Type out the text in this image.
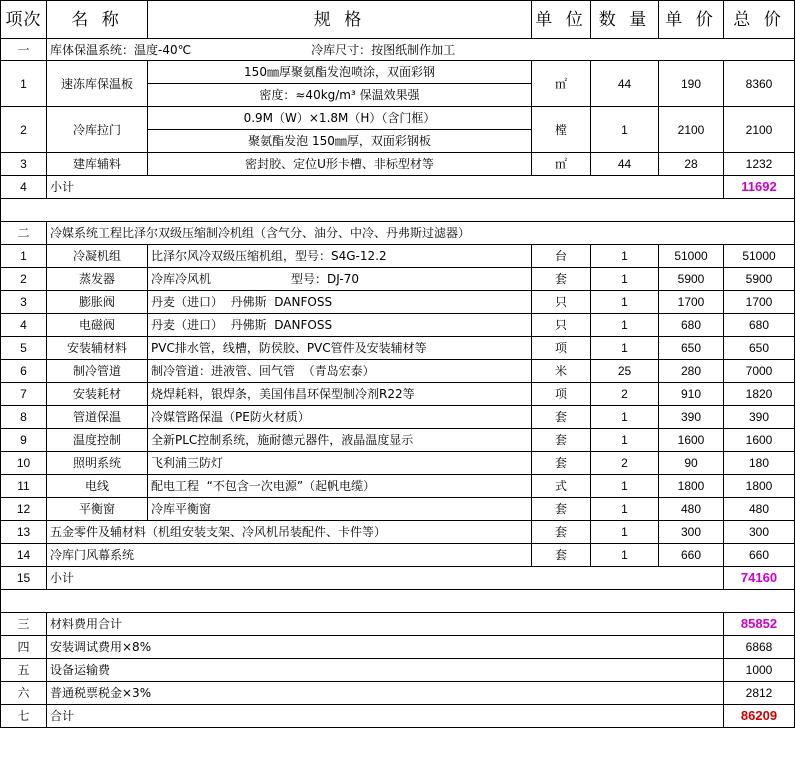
项次	名 称	规 格	单 位	数 量	单 价	总 价
一	库体保温系统：温度-40℃ 冷库尺寸：按图纸制作加工					
1	速冻库保温板	150㎜厚聚氨酯发泡喷涂，双面彩钢	㎡	44	190	8360
		密度：≈40kg/m³ 保温效果强				
2	冷库拉门	0.9M（W）×1.8M（H）（含门框）	樘	1	2100	2100
		聚氨酯发泡 150㎜厚，双面彩钢板				
3	建库辅料	密封胶、定位U形卡槽、非标型材等	㎡	44	28	1232
4	小计					11692

二	冷媒系统工程比泽尔双级压缩制冷机组（含气分、油分、中冷、丹弗斯过滤器）					
1	冷凝机组	比泽尔风冷双级压缩机组，型号：S4G-12.2	台	1	51000	51000
2	蒸发器	冷库冷风机 型号：DJ-70	套	1	5900	5900
3	膨胀阀	丹麦（进口）  丹佛斯  DANFOSS	只	1	1700	1700
4	电磁阀	丹麦（进口）  丹佛斯  DANFOSS	只	1	680	680
5	安装辅材料	PVC排水管，线槽，防侯胶、PVC管件及安装辅材等	项	1	650	650
6	制冷管道	制冷管道：进液管、回气管  （青岛宏泰）	米	25	280	7000
7	安装耗材	烧焊耗料，银焊条，美国伟昌环保型制冷剂R22等	项	2	910	1820
8	管道保温	冷媒管路保温（PE防火材质）	套	1	390	390
9	温度控制	全新PLC控制系统，施耐德元器件，液晶温度显示	套	1	1600	1600
10	照明系统	飞利浦三防灯	套	2	90	180
11	电线	配电工程  “不包含一次电源”（起帆电缆）	式	1	1800	1800
12	平衡窗	冷库平衡窗	套	1	480	480
13	五金零件及辅材料（机组安装支架、冷风机吊装配件、卡件等）		套	1	300	300
14	冷库门风幕系统		套	1	660	660
15	小计					74160

三	材料费用合计					85852
四	安装调试费用×8%					6868
五	设备运输费					1000
六	普通税票税金×3%					2812
七	合计					86209
